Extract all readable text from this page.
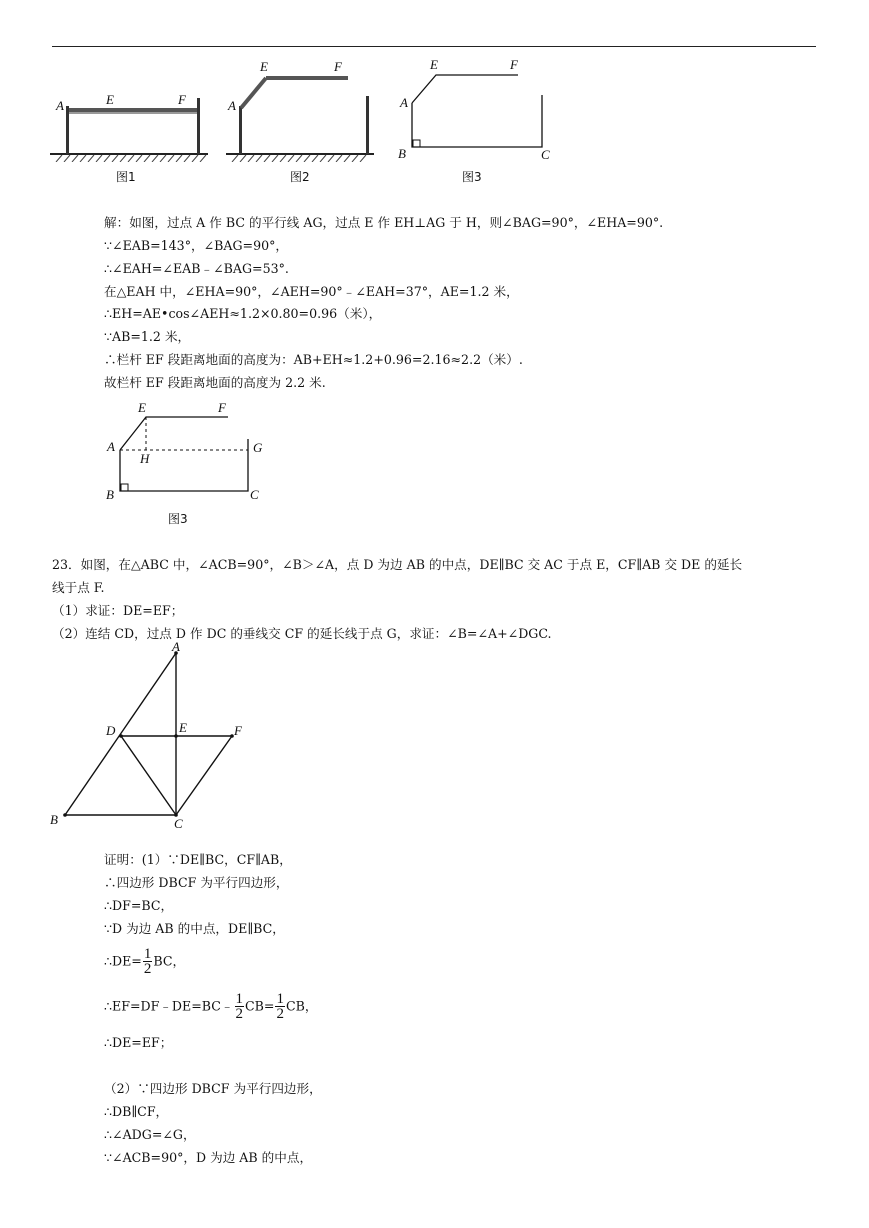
A	E	F
图1
A
E	F
图2
A
E	F
B	C
图3
解：如图，过点 A 作 BC 的平行线 AG，过点 E 作 EH⊥AG 于 H，则∠BAG=90°，∠EHA=90°.
∵∠EAB=143°，∠BAG=90°，
∴∠EAH=∠EAB﹣∠BAG=53°.
在△EAH 中，∠EHA=90°，∠AEH=90°﹣∠EAH=37°，AE=1.2 米，
∴EH=AE•cos∠AEH≈1.2×0.80=0.96（米），
∵AB=1.2 米，
∴栏杆 EF 段距离地面的高度为：AB+EH≈1.2+0.96=2.16≈2.2（米）.
故栏杆 EF 段距离地面的高度为 2.2 米.
A
E	F
G
H
B	C
图3
23．如图，在△ABC 中，∠ACB=90°，∠B＞∠A，点 D 为边 AB 的中点，DE∥BC 交 AC 于点 E，CF∥AB 交 DE 的延长
线于点 F.
（1）求证：DE=EF；
（2）连结 CD，过点 D 作 DC 的垂线交 CF 的延长线于点 G，求证：∠B=∠A+∠DGC.
A
D	E	F
B	C
证明：(1）∵DE∥BC，CF∥AB，
∴四边形 DBCF 为平行四边形，
∴DF=BC，
∵D 为边 AB 的中点，DE∥BC，
∴DE= $\frac{1}{2}$ BC，
∴EF=DF﹣DE=BC﹣ $\frac{1}{2} CB= \frac{1}{2}$ CB，
∴DE=EF；
（2）∵四边形 DBCF 为平行四边形，
∴DB∥CF，
∴∠ADG=∠G，
∵∠ACB=90°，D 为边 AB 的中点，
